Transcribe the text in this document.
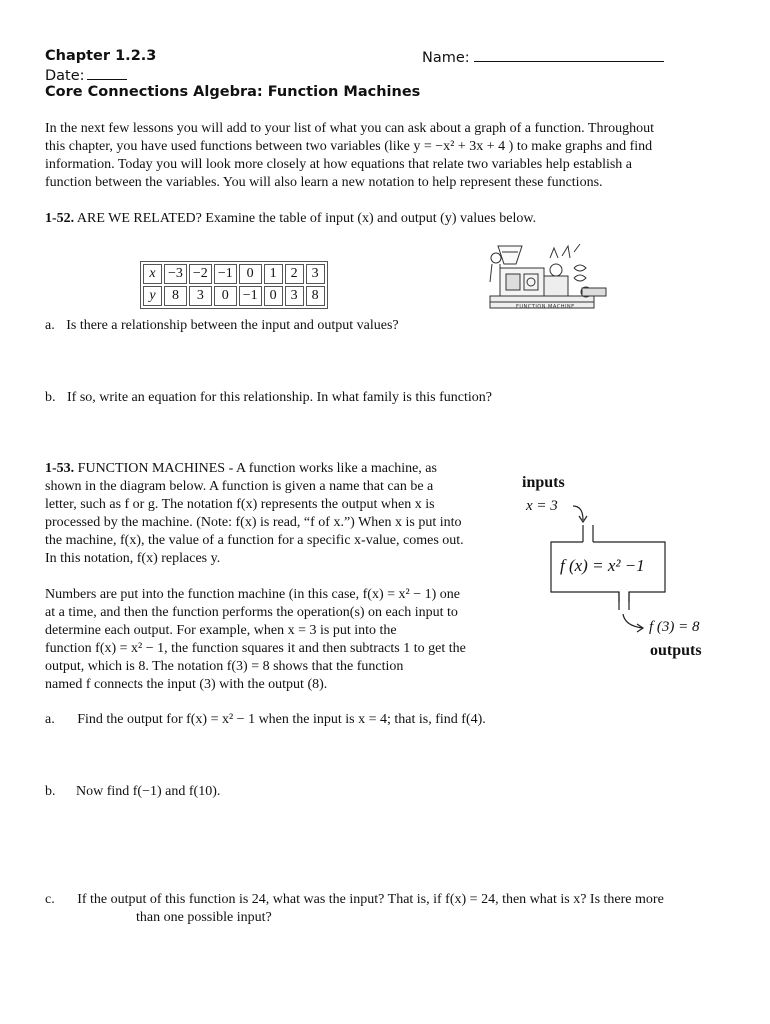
Chapter 1.2.3	Name:
Date:
Core Connections Algebra: Function Machines
In the next few lessons you will add to your list of what you can ask about a graph of a function. Throughout
this chapter, you have used functions between two variables (like y = −x² + 3x + 4 ) to make graphs and find
information. Today you will look more closely at how equations that relate two variables help establish a
function between the variables. You will also learn a new notation to help represent these functions.
1-52. ARE WE RELATED? Examine the table of input (x) and output (y) values below.
x	−3	−2	−1	0	1	2	3
y	8	3	0	−1	0	3	8
FUNCTION MACHINE
a. Is there a relationship between the input and output values?
b. If so, write an equation for this relationship. In what family is this function?
1-53. FUNCTION MACHINES - A function works like a machine, as
shown in the diagram below. A function is given a name that can be a
letter, such as f or g. The notation f(x) represents the output when x is
processed by the machine. (Note: f(x) is read, “f of x.”) When x is put into
the machine, f(x), the value of a function for a specific x-value, comes out.
In this notation, f(x) replaces y.
Numbers are put into the function machine (in this case, f(x) = x² − 1) one
at a time, and then the function performs the operation(s) on each input to
determine each output. For example, when x = 3 is put into the
function f(x) = x² − 1, the function squares it and then subtracts 1 to get the
output, which is 8. The notation f(3) = 8 shows that the function
named f connects the input (3) with the output (8).
inputs
x = 3
f (x) = x² −1
f (3) = 8
outputs
a. Find the output for f(x) = x² − 1 when the input is x = 4; that is, find f(4).
b. Now find f(−1) and f(10).
c. If the output of this function is 24, what was the input? That is, if f(x) = 24, then what is x? Is there more
than one possible input?
